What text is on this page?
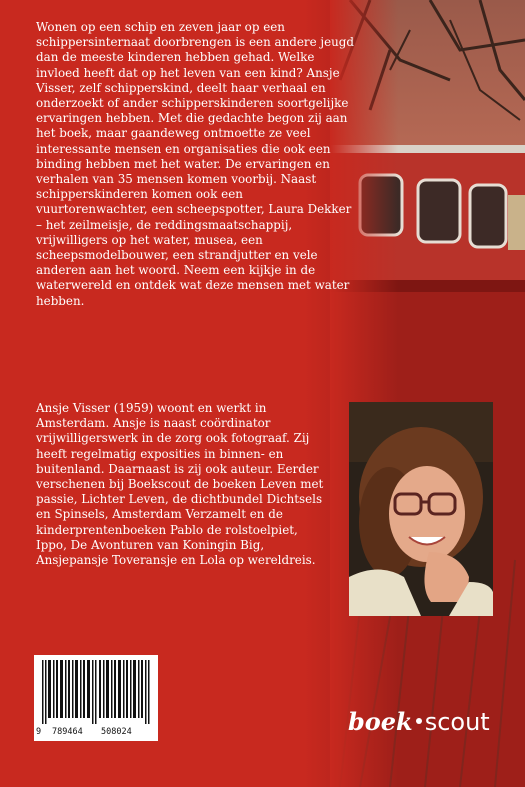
Wonen op een schip en zeven jaar op een schippersinternaat doorbrengen is een andere jeugd dan de meeste kinderen hebben gehad. Welke invloed heeft dat op het leven van een kind? Ansje Visser, zelf schipperskind, deelt haar verhaal en onderzoekt of ander schipperskinderen soortgelijke ervaringen hebben. Met die gedachte begon zij aan het boek, maar gaandeweg ontmoette ze veel interessante mensen en organisaties die ook een binding hebben met het water. De ervaringen en verhalen van 35 mensen komen voorbij. Naast schipperskinderen komen ook een vuurtorenwachter, een scheepspotter, Laura Dekker – het zeilmeisje, de reddingsmaatschappij, vrijwilligers op het water, musea, een scheepsmodelbouwer, een strandjutter en vele anderen aan het woord. Neem een kijkje in de waterwereld en ontdek wat deze mensen met water hebben.

Ansje Visser (1959) woont en werkt in Amsterdam. Ansje is naast coördinator vrijwilligerswerk in de zorg ook fotograaf. Zij heeft regelmatig exposities in binnen- en buitenland. Daarnaast is zij ook auteur. Eerder verschenen bij Boekscout de boeken Leven met passie, Lichter Leven, de dichtbundel Dichtsels en Spinsels, Amsterdam Verzamelt en de kinderprentenboeken Pablo de rolstoelpiet, Ippo, De Avonturen van Koningin Big, Ansjepansje Toveransje en Lola op wereldreis.

9 789464 508024	boek scout
